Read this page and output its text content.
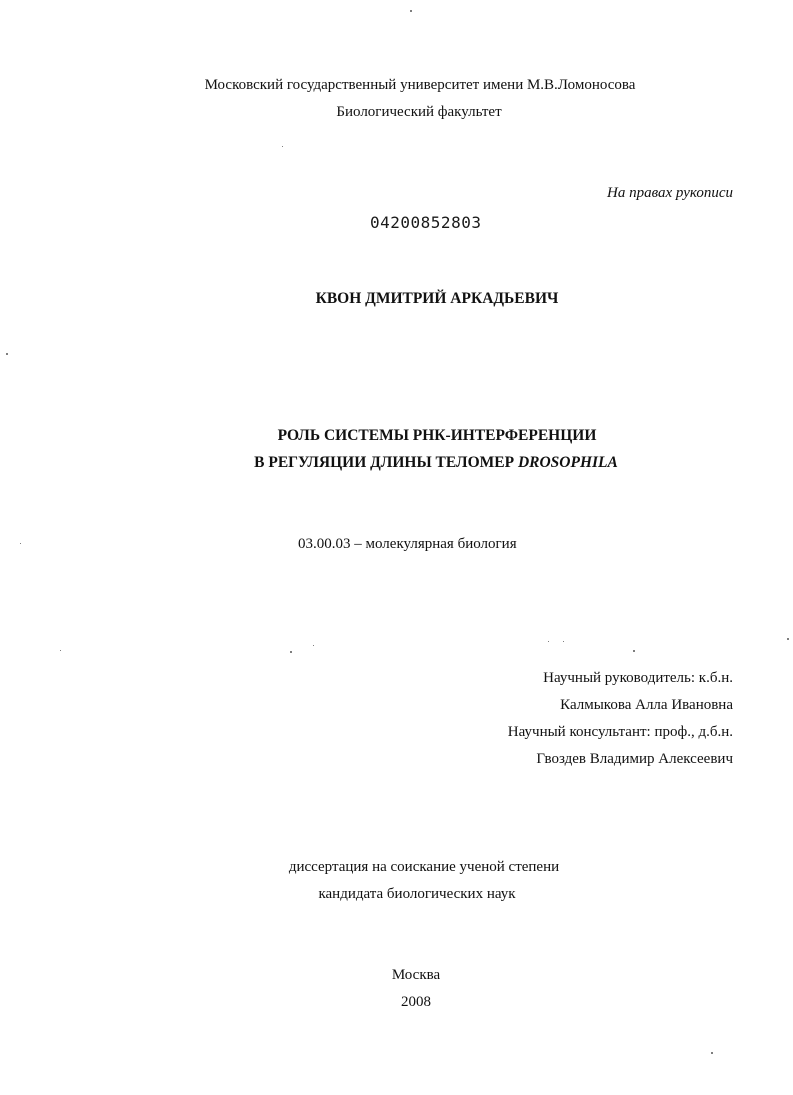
Московский государственный университет имени М.В.Ломоносова
Биологический факультет
На правах рукописи
04200852803
КВОН ДМИТРИЙ АРКАДЬЕВИЧ
РОЛЬ СИСТЕМЫ РНК-ИНТЕРФЕРЕНЦИИ
В РЕГУЛЯЦИИ ДЛИНЫ ТЕЛОМЕР DROSOPHILA
03.00.03 – молекулярная биология
Научный руководитель: к.б.н.
Калмыкова Алла Ивановна
Научный консультант: проф., д.б.н.
Гвоздев Владимир Алексеевич
диссертация на соискание ученой степени
кандидата биологических наук
Москва
2008
